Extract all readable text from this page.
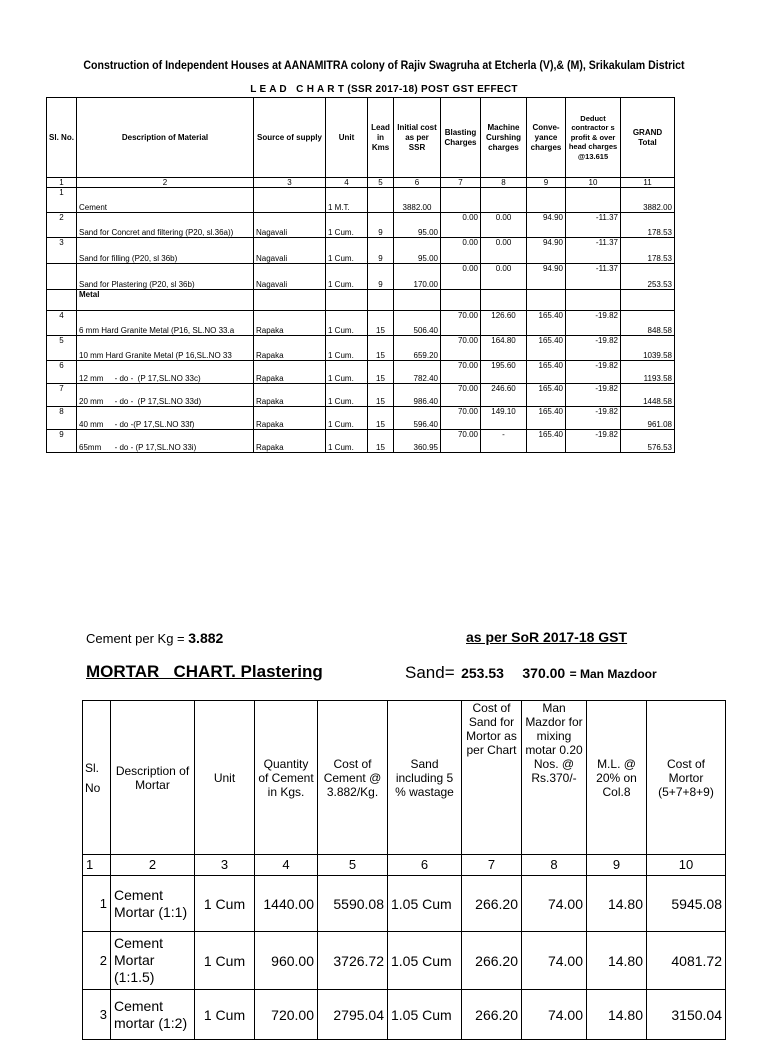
Construction of Independent Houses at AANAMITRA colony of Rajiv Swagruha at Etcherla (V),& (M), Srikakulam District
L E A D   C H A R T (SSR 2017-18) POST GST EFFECT
Sl. No.	Description of Material	Source of supply	Unit	Lead in Kms	Initial cost as per SSR	Blasting Charges	Machine Curshing charges	Conve-yance charges	Deduct contractor s profit & over head charges @13.615	GRAND Total
1	2	3	4	5	6	7	8	9	10	11
1	Cement		1 M.T.		3882.00					3882.00
2	Sand for Concret and filtering (P20, sl.36a))	Nagavali	1 Cum.	9	95.00	0.00	0.00	94.90	-11.37	178.53
3	Sand for filling (P20, sl 36b)	Nagavali	1 Cum.	9	95.00	0.00	0.00	94.90	-11.37	178.53
	Sand for Plastering (P20, sl 36b)	Nagavali	1 Cum.	9	170.00	0.00	0.00	94.90	-11.37	253.53
	Metal									
4	6 mm Hard Granite Metal (P16, SL.NO 33.a	Rapaka	1 Cum.	15	506.40	70.00	126.60	165.40	-19.82	848.58
5	10 mm Hard Granite Metal (P 16,SL.NO 33	Rapaka	1 Cum.	15	659.20	70.00	164.80	165.40	-19.82	1039.58
6	12 mm     - do -  (P 17,SL.NO 33c)	Rapaka	1 Cum.	15	782.40	70.00	195.60	165.40	-19.82	1193.58
7	20 mm     - do -  (P 17,SL.NO 33d)	Rapaka	1 Cum.	15	986.40	70.00	246.60	165.40	-19.82	1448.58
8	40 mm     - do -(P 17,SL.NO 33f)	Rapaka	1 Cum.	15	596.40	70.00	149.10	165.40	-19.82	961.08
9	65mm      - do - (P 17,SL.NO 33i)	Rapaka	1 Cum.	15	360.95	70.00	-	165.40	-19.82	576.53
Cement per Kg = 3.882	as per SoR 2017-18 GST
MORTAR   CHART. Plastering	Sand= 253.53 370.00 = Man Mazdoor
Sl.
No	Description of Mortar	Unit	Quantity of Cement in Kgs.	Cost of Cement @ 3.882/Kg.	Sand including 5 % wastage	Cost of Sand for Mortor as per Chart	Man Mazdor for mixing motar 0.20 Nos. @ Rs.370/-	M.L. @ 20% on Col.8	Cost of Mortor (5+7+8+9)
1	2	3	4	5	6	7	8	9	10
1	Cement Mortar (1:1)	1 Cum	1440.00	5590.08	1.05 Cum	266.20	74.00	14.80	5945.08
2	Cement Mortar (1:1.5)	1 Cum	960.00	3726.72	1.05 Cum	266.20	74.00	14.80	4081.72
3	Cement mortar (1:2)	1 Cum	720.00	2795.04	1.05 Cum	266.20	74.00	14.80	3150.04
